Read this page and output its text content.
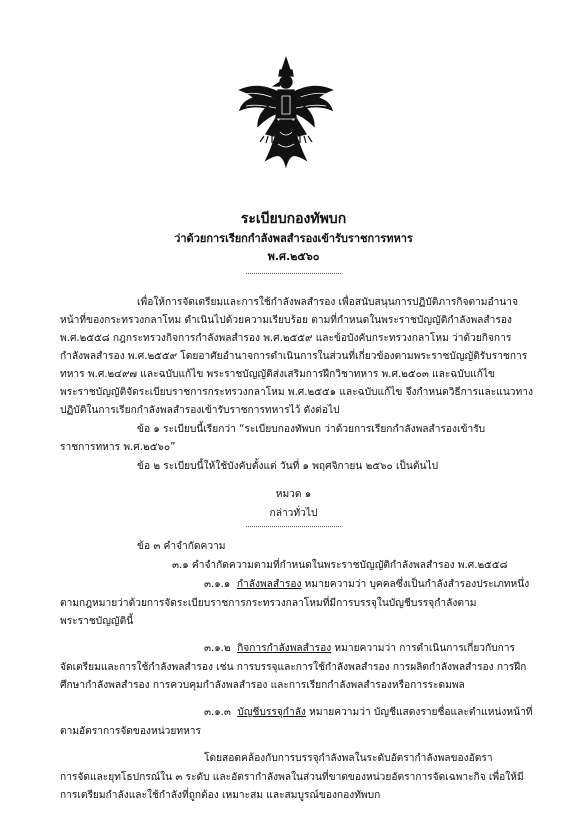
ระเบียบกองทัพบก
ว่าด้วยการเรียกกำลังพลสำรองเข้ารับราชการทหาร
พ.ศ.๒๕๖๐
เพื่อให้การจัดเตรียมและการใช้กำลังพลสำรอง เพื่อสนับสนุนการปฏิบัติภารกิจตามอำนาจ
หน้าที่ของกระทรวงกลาโหม ดำเนินไปด้วยความเรียบร้อย ตามที่กำหนดในพระราชบัญญัติกำลังพลสำรอง
พ.ศ.๒๕๕๘ กฎกระทรวงกิจการกำลังพลสำรอง พ.ศ.๒๕๕๙ และข้อบังคับกระทรวงกลาโหม ว่าด้วยกิจการ
กำลังพลสำรอง พ.ศ.๒๕๕๙ โดยอาศัยอำนาจการดำเนินการในส่วนที่เกี่ยวข้องตามพระราชบัญญัติรับราชการ
ทหาร พ.ศ.๒๔๙๗ และฉบับแก้ไข พระราชบัญญัติส่งเสริมการฝึกวิชาทหาร พ.ศ.๒๕๐๓ และฉบับแก้ไข
พระราชบัญญัติจัดระเบียบราชการกระทรวงกลาโหม พ.ศ.๒๕๕๑ และฉบับแก้ไข จึงกำหนดวิธีการและแนวทาง
ปฏิบัติในการเรียกกำลังพลสำรองเข้ารับราชการทหารไว้ ดังต่อไป
ข้อ ๑ ระเบียบนี้เรียกว่า “ระเบียบกองทัพบก ว่าด้วยการเรียกกำลังพลสำรองเข้ารับ
ราชการทหาร พ.ศ.๒๕๖๐”
ข้อ ๒ ระเบียบนี้ให้ใช้บังคับตั้งแต่ วันที่ ๑ พฤศจิกายน ๒๕๖๐ เป็นต้นไป
หมวด ๑
กล่าวทั่วไป
ข้อ ๓ คำจำกัดความ
๓.๑ คำจำกัดความตามที่กำหนดในพระราชบัญญัติกำลังพลสำรอง พ.ศ.๒๕๕๘
๓.๑.๑ กำลังพลสำรอง หมายความว่า บุคคลซึ่งเป็นกำลังสำรองประเภทหนึ่ง
ตามกฎหมายว่าด้วยการจัดระเบียบราชการกระทรวงกลาโหมที่มีการบรรจุในบัญชีบรรจุกำลังตาม
พระราชบัญญัตินี้
๓.๑.๒ กิจการกำลังพลสำรอง หมายความว่า การดำเนินการเกี่ยวกับการ
จัดเตรียมและการใช้กำลังพลสำรอง เช่น การบรรจุและการใช้กำลังพลสำรอง การผลิตกำลังพลสำรอง การฝึก
ศึกษากำลังพลสำรอง การควบคุมกำลังพลสำรอง และการเรียกกำลังพลสำรองหรือการระดมพล
๓.๑.๓ บัญชีบรรจุกำลัง หมายความว่า บัญชีแสดงรายชื่อและตำแหน่งหน้าที่
ตามอัตราการจัดของหน่วยทหาร
โดยสอดคล้องกับการบรรจุกำลังพลในระดับอัตรากำลังพลของอัตรา
การจัดและยุทโธปกรณ์ใน ๓ ระดับ และอัตรากำลังพลในส่วนที่ขาดของหน่วยอัตราการจัดเฉพาะกิจ เพื่อให้มี
การเตรียมกำลังและใช้กำลังที่ถูกต้อง เหมาะสม และสมบูรณ์ของกองทัพบก
